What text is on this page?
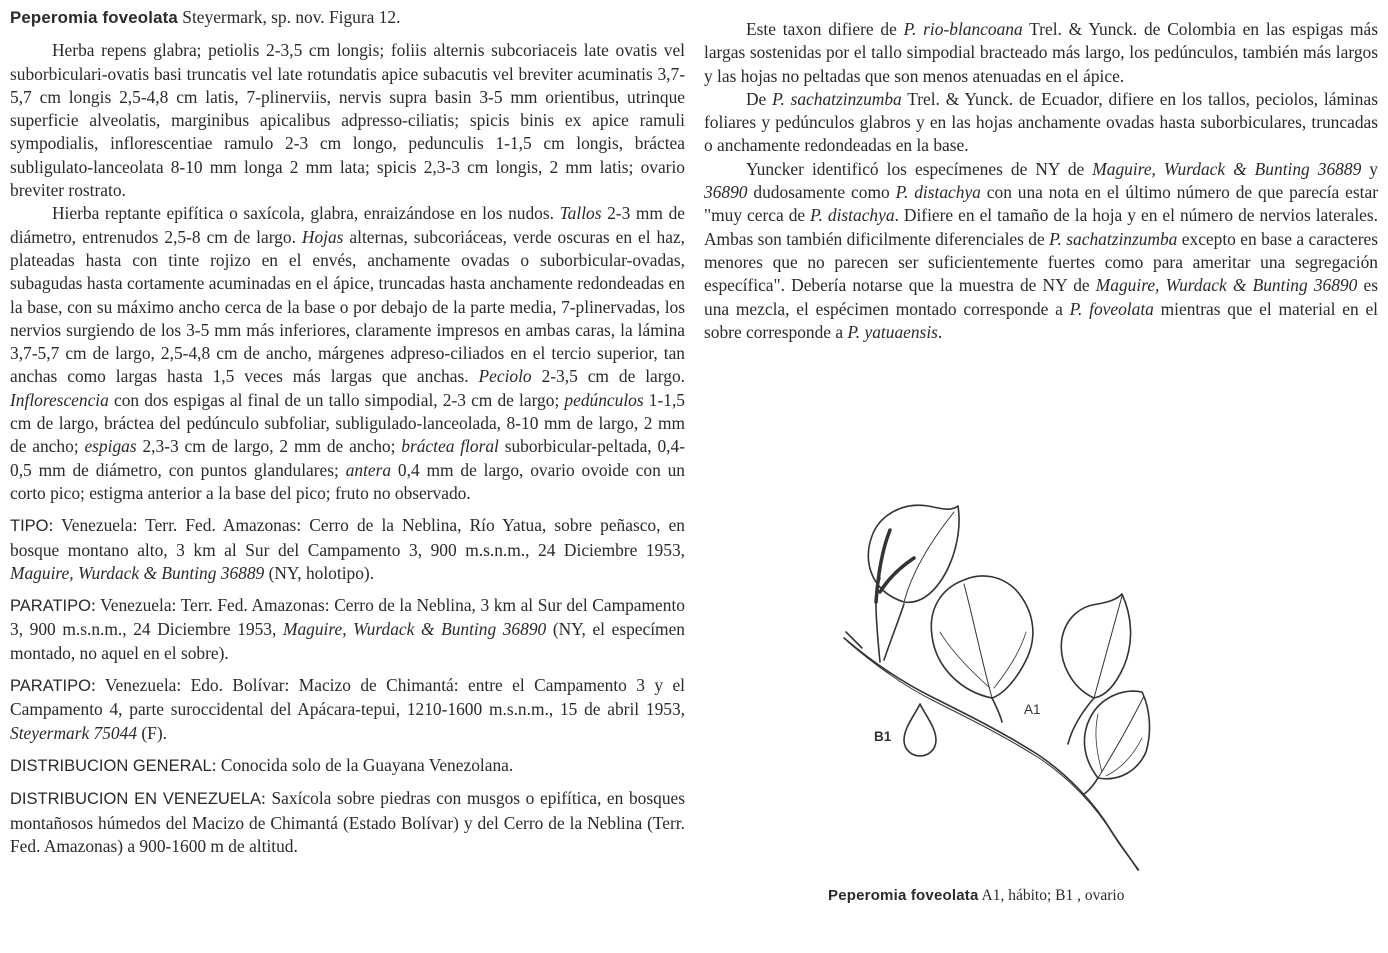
Peperomia foveolata Steyermark, sp. nov. Figura 12.

Herba repens glabra; petiolis 2-3,5 cm longis; foliis alternis subcoriaceis late ovatis vel suborbiculari-ovatis basi truncatis vel late rotundatis apice subacutis vel breviter acuminatis 3,7-5,7 cm longis 2,5-4,8 cm latis, 7-plinerviis, nervis supra basin 3-5 mm orientibus, utrinque superficie alveolatis, marginibus apicalibus adpresso-ciliatis; spicis binis ex apice ramuli sympodialis, inflorescentiae ramulo 2-3 cm longo, pedunculis 1-1,5 cm longis, bráctea subligulato-lanceolata 8-10 mm longa 2 mm lata; spicis 2,3-3 cm longis, 2 mm latis; ovario breviter rostrato.

Hierba reptante epifítica o saxícola, glabra, enraizándose en los nudos. Tallos 2-3 mm de diámetro, entrenudos 2,5-8 cm de largo. Hojas alternas, subcoriáceas, verde oscuras en el haz, plateadas hasta con tinte rojizo en el envés, anchamente ovadas o suborbicular-ovadas, subagudas hasta cortamente acuminadas en el ápice, truncadas hasta anchamente redondeadas en la base, con su máximo ancho cerca de la base o por debajo de la parte media, 7-plinervadas, los nervios surgiendo de los 3-5 mm más inferiores, claramente impresos en ambas caras, la lámina 3,7-5,7 cm de largo, 2,5-4,8 cm de ancho, márgenes adpreso-ciliados en el tercio superior, tan anchas como largas hasta 1,5 veces más largas que anchas. Peciolo 2-3,5 cm de largo. Inflorescencia con dos espigas al final de un tallo simpodial, 2-3 cm de largo; pedúnculos 1-1,5 cm de largo, bráctea del pedúnculo subfoliar, subligulado-lanceolada, 8-10 mm de largo, 2 mm de ancho; espigas 2,3-3 cm de largo, 2 mm de ancho; bráctea floral suborbicular-peltada, 0,4-0,5 mm de diámetro, con puntos glandulares; antera 0,4 mm de largo, ovario ovoide con un corto pico; estigma anterior a la base del pico; fruto no observado.

TIPO: Venezuela: Terr. Fed. Amazonas: Cerro de la Neblina, Río Yatua, sobre peñasco, en bosque montano alto, 3 km al Sur del Campamento 3, 900 m.s.n.m., 24 Diciembre 1953, Maguire, Wurdack & Bunting 36889 (NY, holotipo).

PARATIPO: Venezuela: Terr. Fed. Amazonas: Cerro de la Neblina, 3 km al Sur del Campamento 3, 900 m.s.n.m., 24 Diciembre 1953, Maguire, Wurdack & Bunting 36890 (NY, el especímen montado, no aquel en el sobre).

PARATIPO: Venezuela: Edo. Bolívar: Macizo de Chimantá: entre el Campamento 3 y el Campamento 4, parte suroccidental del Apácara-tepui, 1210-1600 m.s.n.m., 15 de abril 1953, Steyermark 75044 (F).

DISTRIBUCION GENERAL: Conocida solo de la Guayana Venezolana.

DISTRIBUCION EN VENEZUELA: Saxícola sobre piedras con musgos o epifítica, en bosques montañosos húmedos del Macizo de Chimantá (Estado Bolívar) y del Cerro de la Neblina (Terr. Fed. Amazonas) a 900-1600 m de altitud.

Este taxon difiere de P. rio-blancoana Trel. & Yunck. de Colombia en las espigas más largas sostenidas por el tallo simpodial bracteado más largo, los pedúnculos, también más largos y las hojas no peltadas que son menos atenuadas en el ápice.

De P. sachatzinzumba Trel. & Yunck. de Ecuador, difiere en los tallos, peciolos, láminas foliares y pedúnculos glabros y en las hojas anchamente ovadas hasta suborbiculares, truncadas o anchamente redondeadas en la base.

Yuncker identificó los especímenes de NY de Maguire, Wurdack & Bunting 36889 y 36890 dudosamente como P. distachya con una nota en el último número de que parecía estar "muy cerca de P. distachya. Difiere en el tamaño de la hoja y en el número de nervios laterales. Ambas son también dificilmente diferenciales de P. sachatzinzumba excepto en base a caracteres menores que no parecen ser suficientemente fuertes como para ameritar una segregación específica". Debería notarse que la muestra de NY de Maguire, Wurdack & Bunting 36890 es una mezcla, el espécimen montado corresponde a P. foveolata mientras que el material en el sobre corresponde a P. yatuaensis.

A1
B1
Peperomia foveolata A1, hábito; B1 , ovario
